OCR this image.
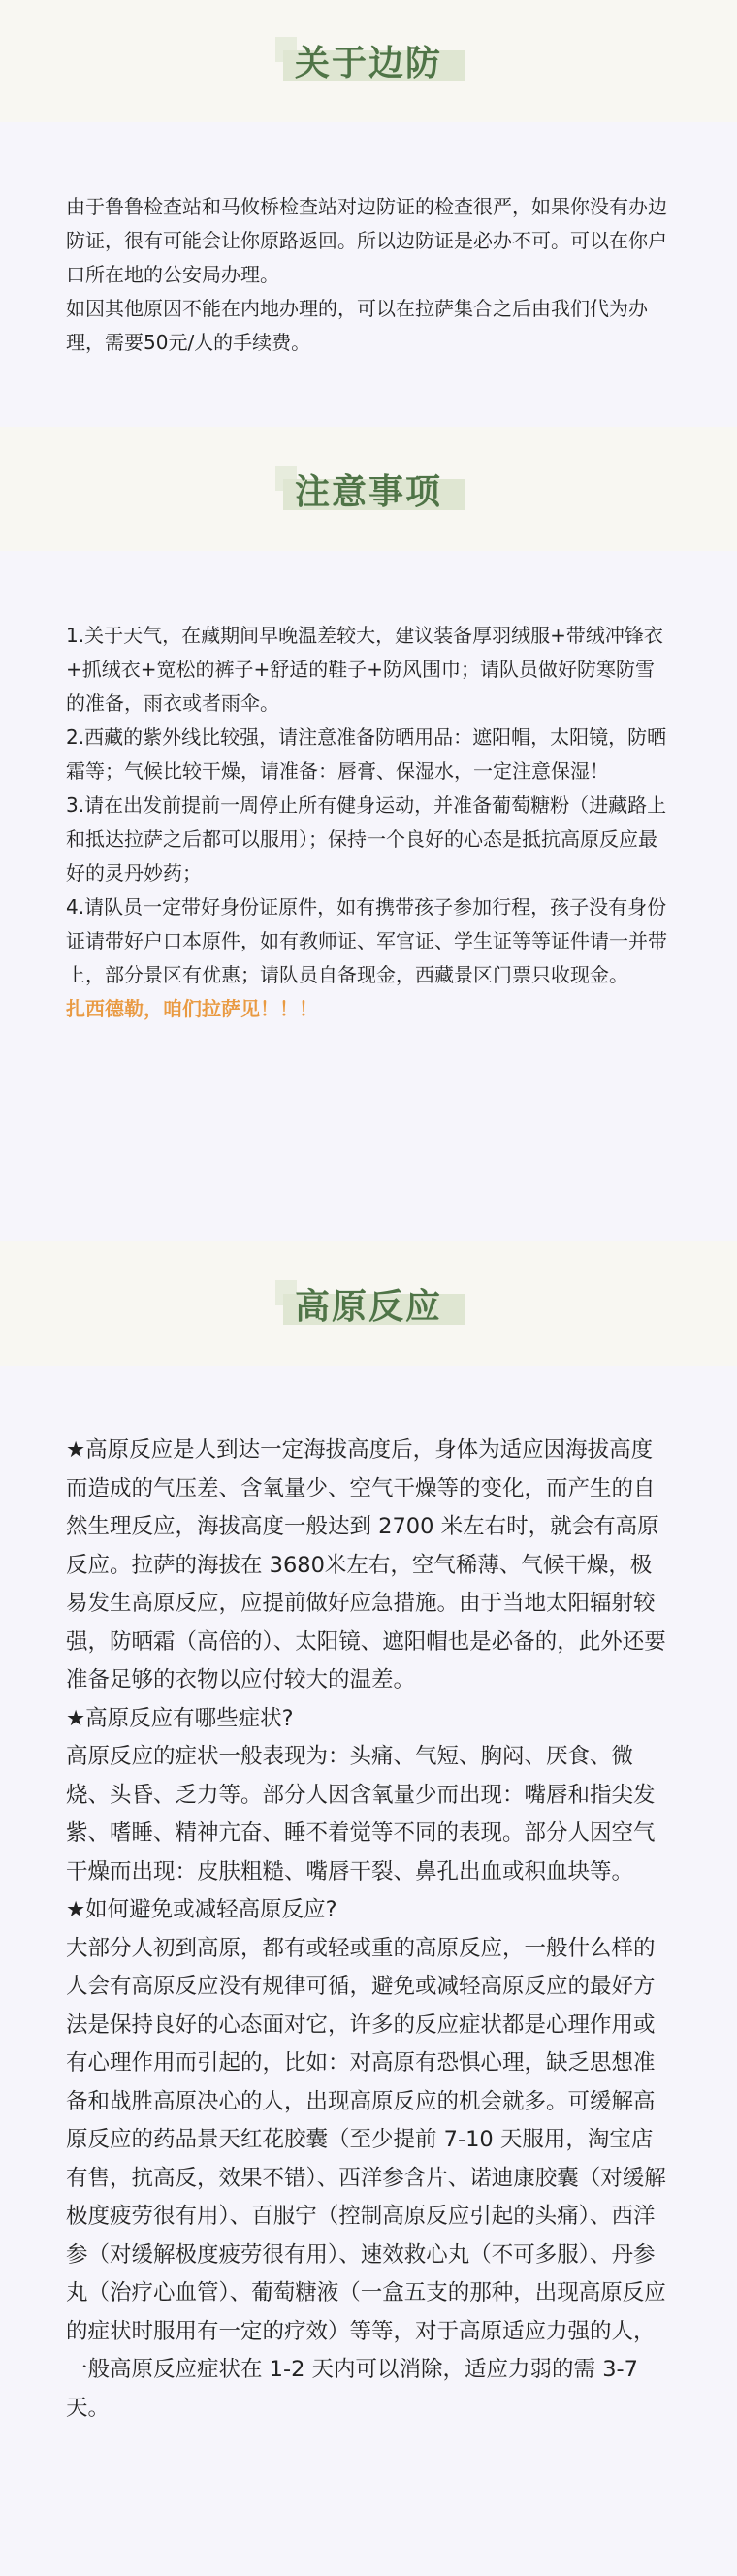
关于边防

由于鲁鲁检查站和马攸桥检查站对边防证的检查很严，如果你没有办边防证，很有可能会让你原路返回。所以边防证是必办不可。可以在你户口所在地的公安局办理。

如因其他原因不能在内地办理的，可以在拉萨集合之后由我们代为办理，需要50元/人的手续费。

注意事项

1.关于天气，在藏期间早晚温差较大，建议装备厚羽绒服+带绒冲锋衣+抓绒衣+宽松的裤子+舒适的鞋子+防风围巾；请队员做好防寒防雪的准备，雨衣或者雨伞。

2.西藏的紫外线比较强，请注意准备防晒用品：遮阳帽，太阳镜，防晒霜等；气候比较干燥，请准备：唇膏、保湿水，一定注意保湿！

3.请在出发前提前一周停止所有健身运动，并准备葡萄糖粉（进藏路上和抵达拉萨之后都可以服用）；保持一个良好的心态是抵抗高原反应最好的灵丹妙药；

4.请队员一定带好身份证原件，如有携带孩子参加行程，孩子没有身份证请带好户口本原件，如有教师证、军官证、学生证等等证件请一并带上，部分景区有优惠；请队员自备现金，西藏景区门票只收现金。

扎西德勒，咱们拉萨见！！！

高原反应

★高原反应是人到达一定海拔高度后，身体为适应因海拔高度而造成的气压差、含氧量少、空气干燥等的变化，而产生的自然生理反应，海拔高度一般达到 2700 米左右时，就会有高原反应。拉萨的海拔在 3680米左右，空气稀薄、气候干燥，极易发生高原反应，应提前做好应急措施。由于当地太阳辐射较强，防晒霜（高倍的）、太阳镜、遮阳帽也是必备的，此外还要准备足够的衣物以应付较大的温差。

★高原反应有哪些症状?

高原反应的症状一般表现为：头痛、气短、胸闷、厌食、微烧、头昏、乏力等。部分人因含氧量少而出现：嘴唇和指尖发紫、嗜睡、精神亢奋、睡不着觉等不同的表现。部分人因空气干燥而出现：皮肤粗糙、嘴唇干裂、鼻孔出血或积血块等。

★如何避免或减轻高原反应?

大部分人初到高原，都有或轻或重的高原反应，一般什么样的人会有高原反应没有规律可循，避免或减轻高原反应的最好方法是保持良好的心态面对它，许多的反应症状都是心理作用或有心理作用而引起的，比如：对高原有恐惧心理，缺乏思想准备和战胜高原决心的人，出现高原反应的机会就多。可缓解高原反应的药品景天红花胶囊（至少提前 7-10 天服用，淘宝店有售，抗高反，效果不错）、西洋参含片、诺迪康胶囊（对缓解极度疲劳很有用）、百服宁（控制高原反应引起的头痛）、西洋参（对缓解极度疲劳很有用）、速效救心丸（不可多服）、丹参丸（治疗心血管）、葡萄糖液（一盒五支的那种，出现高原反应的症状时服用有一定的疗效）等等，对于高原适应力强的人，一般高原反应症状在 1-2 天内可以消除，适应力弱的需 3-7 天。
